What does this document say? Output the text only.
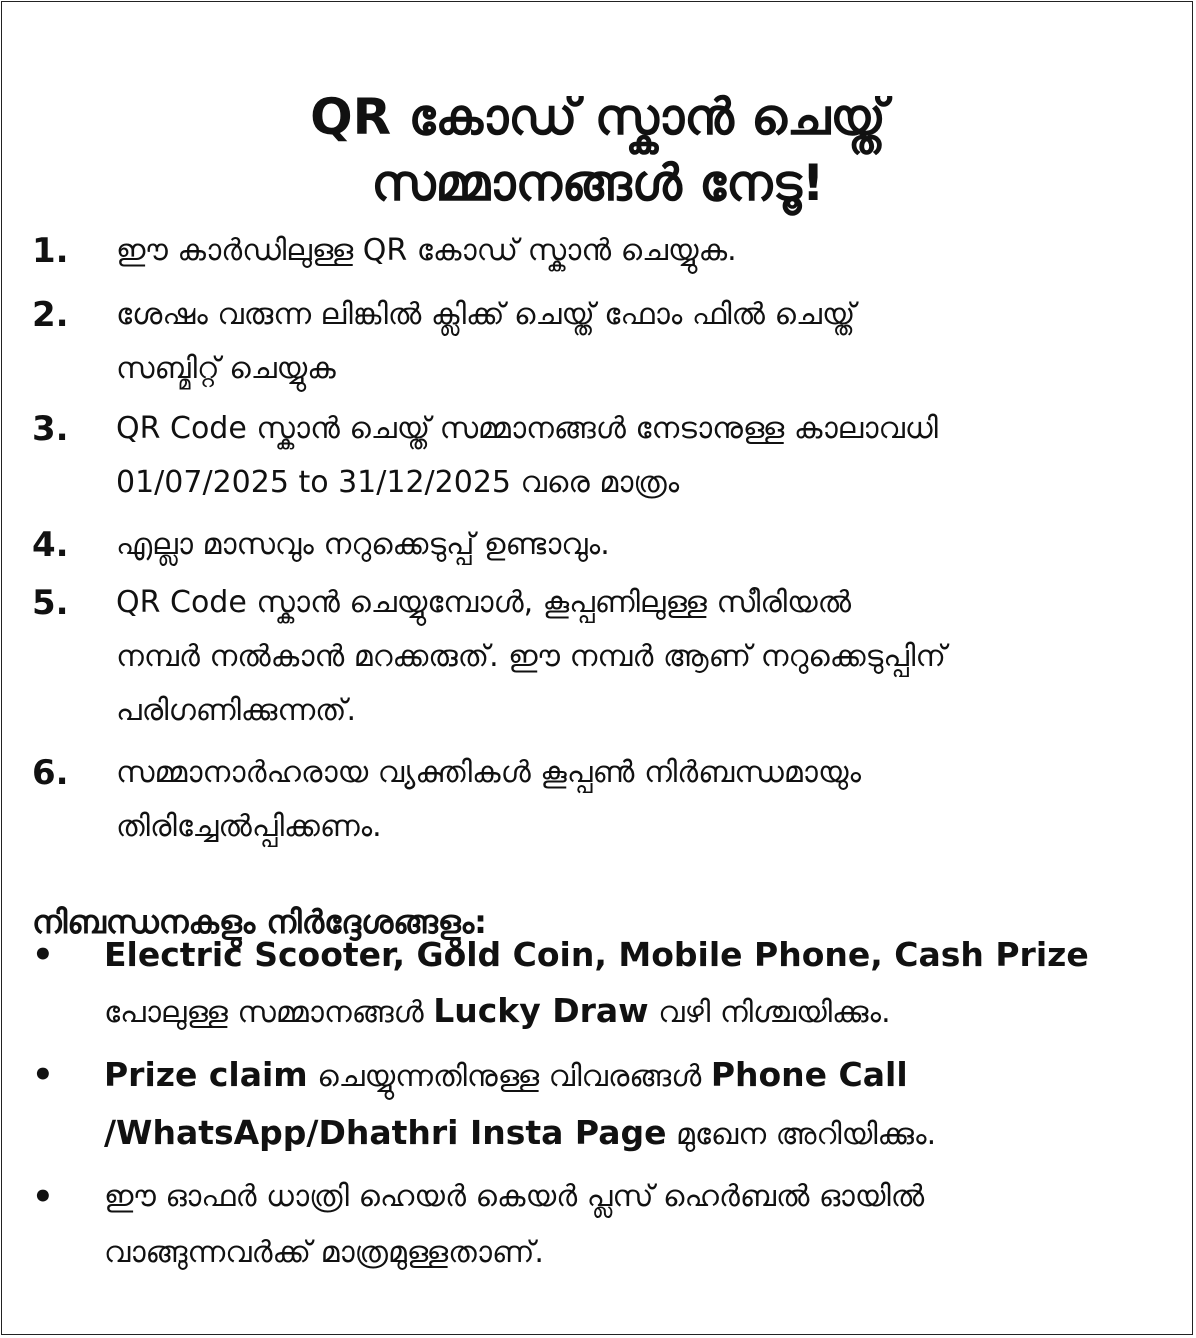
QR കോഡ് സ്കാൻ ചെയ്ത്
സമ്മാനങ്ങൾ നേടൂ!
1. ഈ കാർഡിലുള്ള QR കോഡ് സ്കാൻ ചെയ്യുക.
2. ശേഷം വരുന്ന ലിങ്കിൽ ക്ലിക്ക് ചെയ്ത് ഫോം ഫിൽ ചെയ്ത്
സബ്മിറ്റ് ചെയ്യുക
3. QR Code സ്കാൻ ചെയ്ത് സമ്മാനങ്ങൾ നേടാനുള്ള കാലാവധി
01/07/2025 to 31/12/2025 വരെ മാത്രം
4. എല്ലാ മാസവും നറുക്കെടുപ്പ് ഉണ്ടാവും.
5. QR Code സ്കാൻ ചെയ്യുമ്പോൾ, കൂപ്പണിലുള്ള സീരിയൽ
നമ്പർ നൽകാൻ മറക്കരുത്. ഈ നമ്പർ ആണ് നറുക്കെടുപ്പിന്
പരിഗണിക്കുന്നത്.
6. സമ്മാനാർഹരായ വ്യക്തികൾ കൂപ്പൺ നിർബന്ധമായും
തിരിച്ചേൽപ്പിക്കണം.
നിബന്ധനകളും നിർദ്ദേശങ്ങളും:
• Electric Scooter, Gold Coin, Mobile Phone, Cash Prize
പോലുള്ള സമ്മാനങ്ങൾ Lucky Draw വഴി നിശ്ചയിക്കും.
• Prize claim ചെയ്യുന്നതിനുള്ള വിവരങ്ങൾ Phone Call
/WhatsApp/Dhathri Insta Page മുഖേന അറിയിക്കും.
• ഈ ഓഫർ ധാത്രി ഹെയർ കെയർ പ്ലസ് ഹെർബൽ ഓയിൽ
വാങ്ങുന്നവർക്ക് മാത്രമുള്ളതാണ്.
